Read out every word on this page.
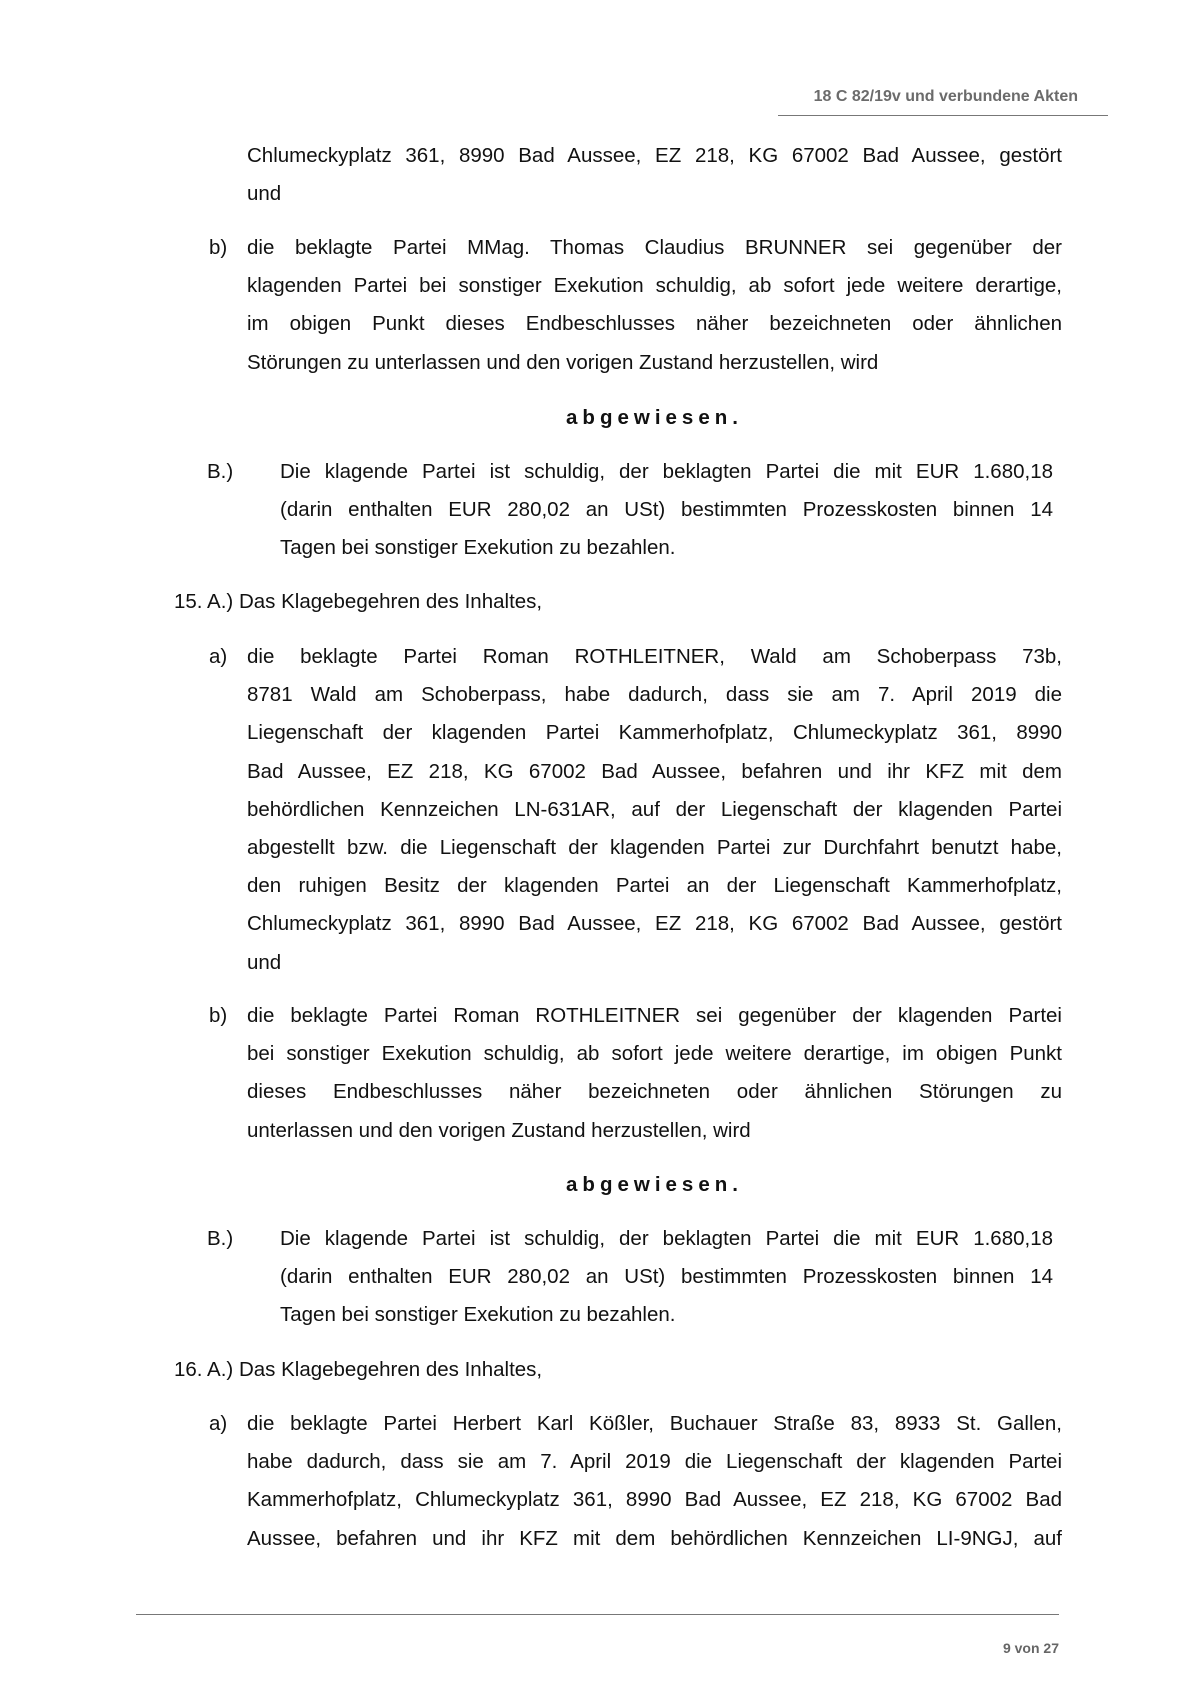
18 C 82/19v und verbundene Akten
Chlumeckyplatz 361, 8990 Bad Aussee, EZ 218, KG 67002 Bad Aussee, gestört
und
b) die beklagte Partei MMag. Thomas Claudius BRUNNER sei gegenüber der
klagenden Partei bei sonstiger Exekution schuldig, ab sofort jede weitere derartige,
im obigen Punkt dieses Endbeschlusses näher bezeichneten oder ähnlichen
Störungen zu unterlassen und den vorigen Zustand herzustellen, wird
abgewiesen.
B.) Die klagende Partei ist schuldig, der beklagten Partei die mit EUR 1.680,18
(darin enthalten EUR 280,02 an USt) bestimmten Prozesskosten binnen 14
Tagen bei sonstiger Exekution zu bezahlen.
15. A.) Das Klagebegehren des Inhaltes,
a) die beklagte Partei Roman ROTHLEITNER, Wald am Schoberpass 73b,
8781 Wald am Schoberpass, habe dadurch, dass sie am 7. April 2019 die
Liegenschaft der klagenden Partei Kammerhofplatz, Chlumeckyplatz 361, 8990
Bad Aussee, EZ 218, KG 67002 Bad Aussee, befahren und ihr KFZ mit dem
behördlichen Kennzeichen LN-631AR, auf der Liegenschaft der klagenden Partei
abgestellt bzw. die Liegenschaft der klagenden Partei zur Durchfahrt benutzt habe,
den ruhigen Besitz der klagenden Partei an der Liegenschaft Kammerhofplatz,
Chlumeckyplatz 361, 8990 Bad Aussee, EZ 218, KG 67002 Bad Aussee, gestört
und
b) die beklagte Partei Roman ROTHLEITNER sei gegenüber der klagenden Partei
bei sonstiger Exekution schuldig, ab sofort jede weitere derartige, im obigen Punkt
dieses Endbeschlusses näher bezeichneten oder ähnlichen Störungen zu
unterlassen und den vorigen Zustand herzustellen, wird
abgewiesen.
B.) Die klagende Partei ist schuldig, der beklagten Partei die mit EUR 1.680,18
(darin enthalten EUR 280,02 an USt) bestimmten Prozesskosten binnen 14
Tagen bei sonstiger Exekution zu bezahlen.
16. A.) Das Klagebegehren des Inhaltes,
a) die beklagte Partei Herbert Karl Kößler, Buchauer Straße 83, 8933 St. Gallen,
habe dadurch, dass sie am 7. April 2019 die Liegenschaft der klagenden Partei
Kammerhofplatz, Chlumeckyplatz 361, 8990 Bad Aussee, EZ 218, KG 67002 Bad
Aussee, befahren und ihr KFZ mit dem behördlichen Kennzeichen LI-9NGJ, auf
9 von 27
